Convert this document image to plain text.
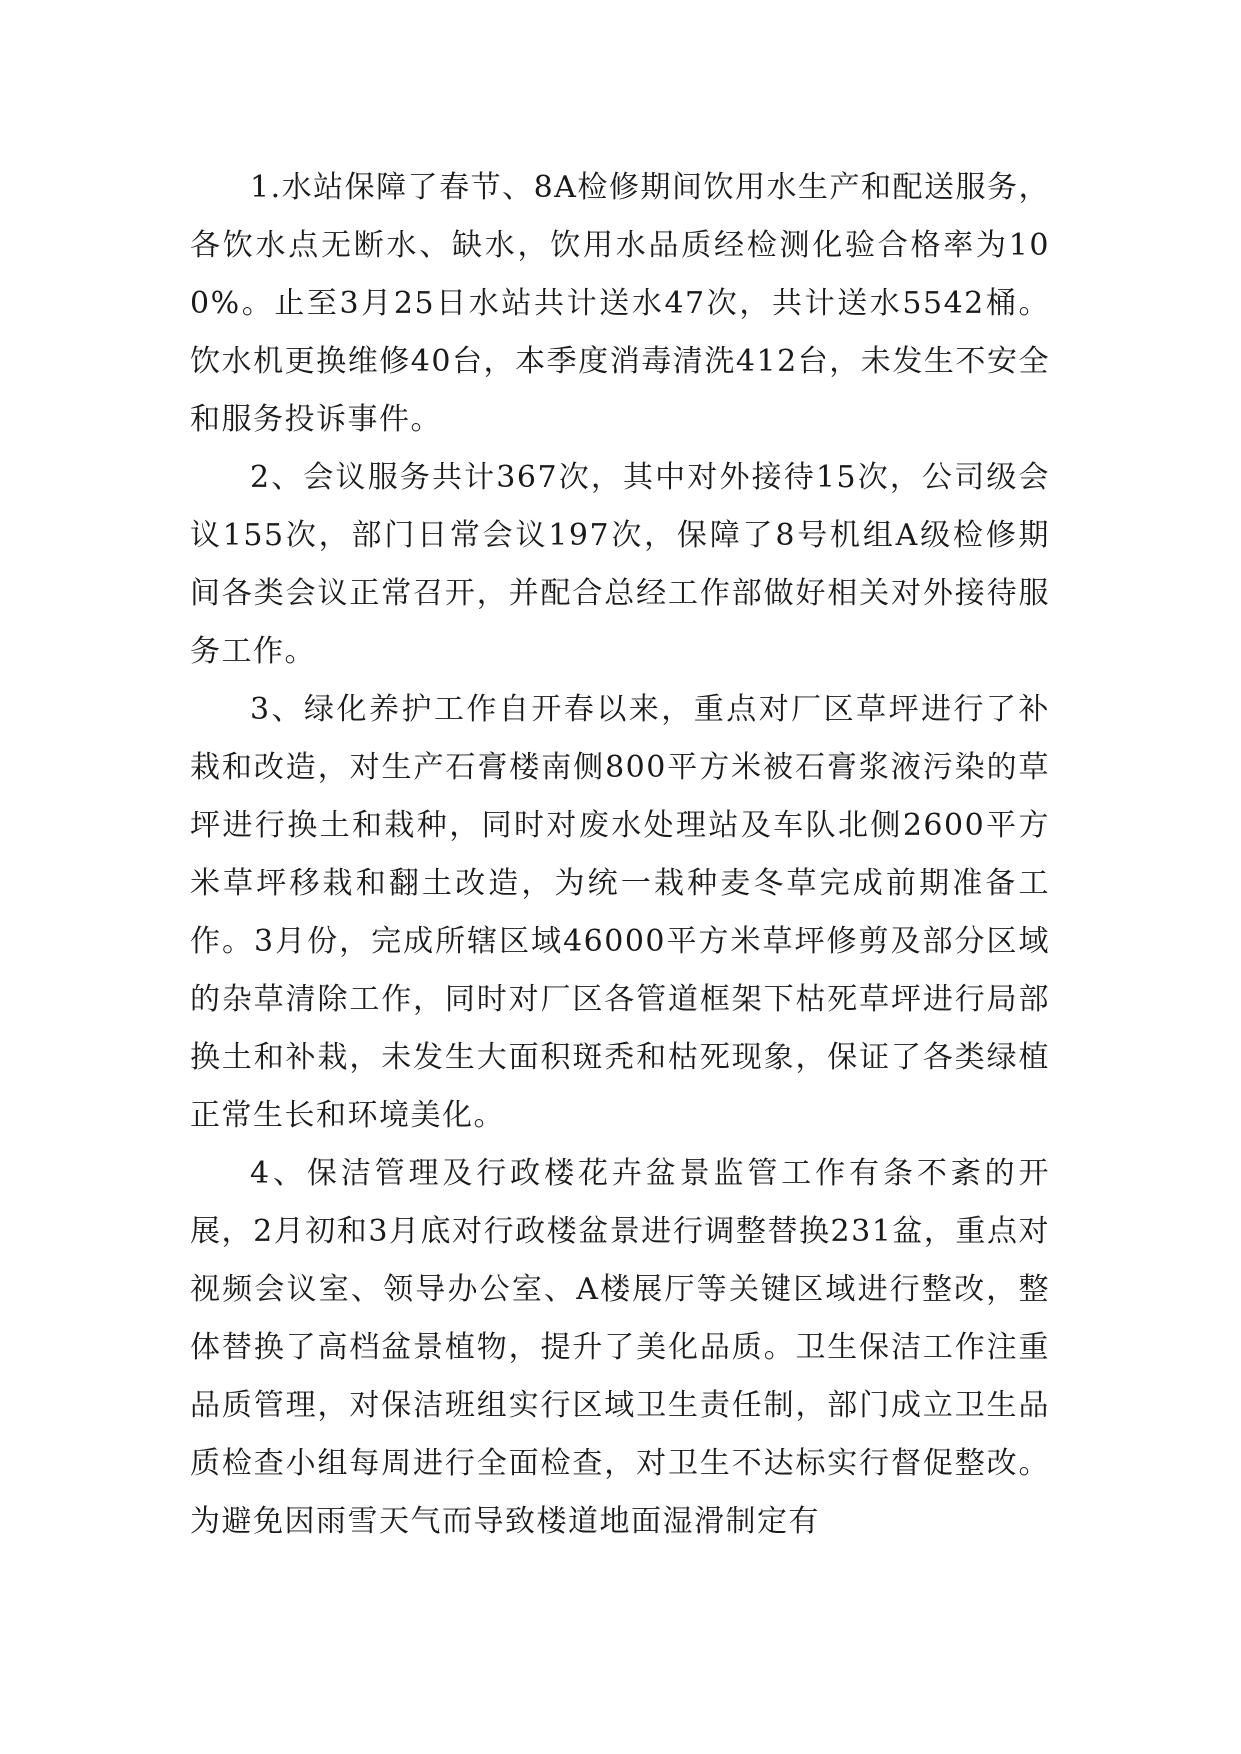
1.水站保障了春节、8A检修期间饮用水生产和配送服务，各饮水点无断水、缺水，饮用水品质经检测化验合格率为100%。止至3月25日水站共计送水47次，共计送水5542桶。饮水机更换维修40台，本季度消毒清洗412台，未发生不安全和服务投诉事件。

2、会议服务共计367次，其中对外接待15次，公司级会议155次，部门日常会议197次，保障了8号机组A级检修期间各类会议正常召开，并配合总经工作部做好相关对外接待服务工作。

3、绿化养护工作自开春以来，重点对厂区草坪进行了补栽和改造，对生产石膏楼南侧800平方米被石膏浆液污染的草坪进行换土和栽种，同时对废水处理站及车队北侧2600平方米草坪移栽和翻土改造，为统一栽种麦冬草完成前期准备工作。3月份，完成所辖区域46000平方米草坪修剪及部分区域的杂草清除工作，同时对厂区各管道框架下枯死草坪进行局部换土和补栽，未发生大面积斑秃和枯死现象，保证了各类绿植正常生长和环境美化。

4、保洁管理及行政楼花卉盆景监管工作有条不紊的开展，2月初和3月底对行政楼盆景进行调整替换231盆，重点对视频会议室、领导办公室、A楼展厅等关键区域进行整改，整体替换了高档盆景植物，提升了美化品质。卫生保洁工作注重品质管理，对保洁班组实行区域卫生责任制，部门成立卫生品质检查小组每周进行全面检查，对卫生不达标实行督促整改。为避免因雨雪天气而导致楼道地面湿滑制定有
